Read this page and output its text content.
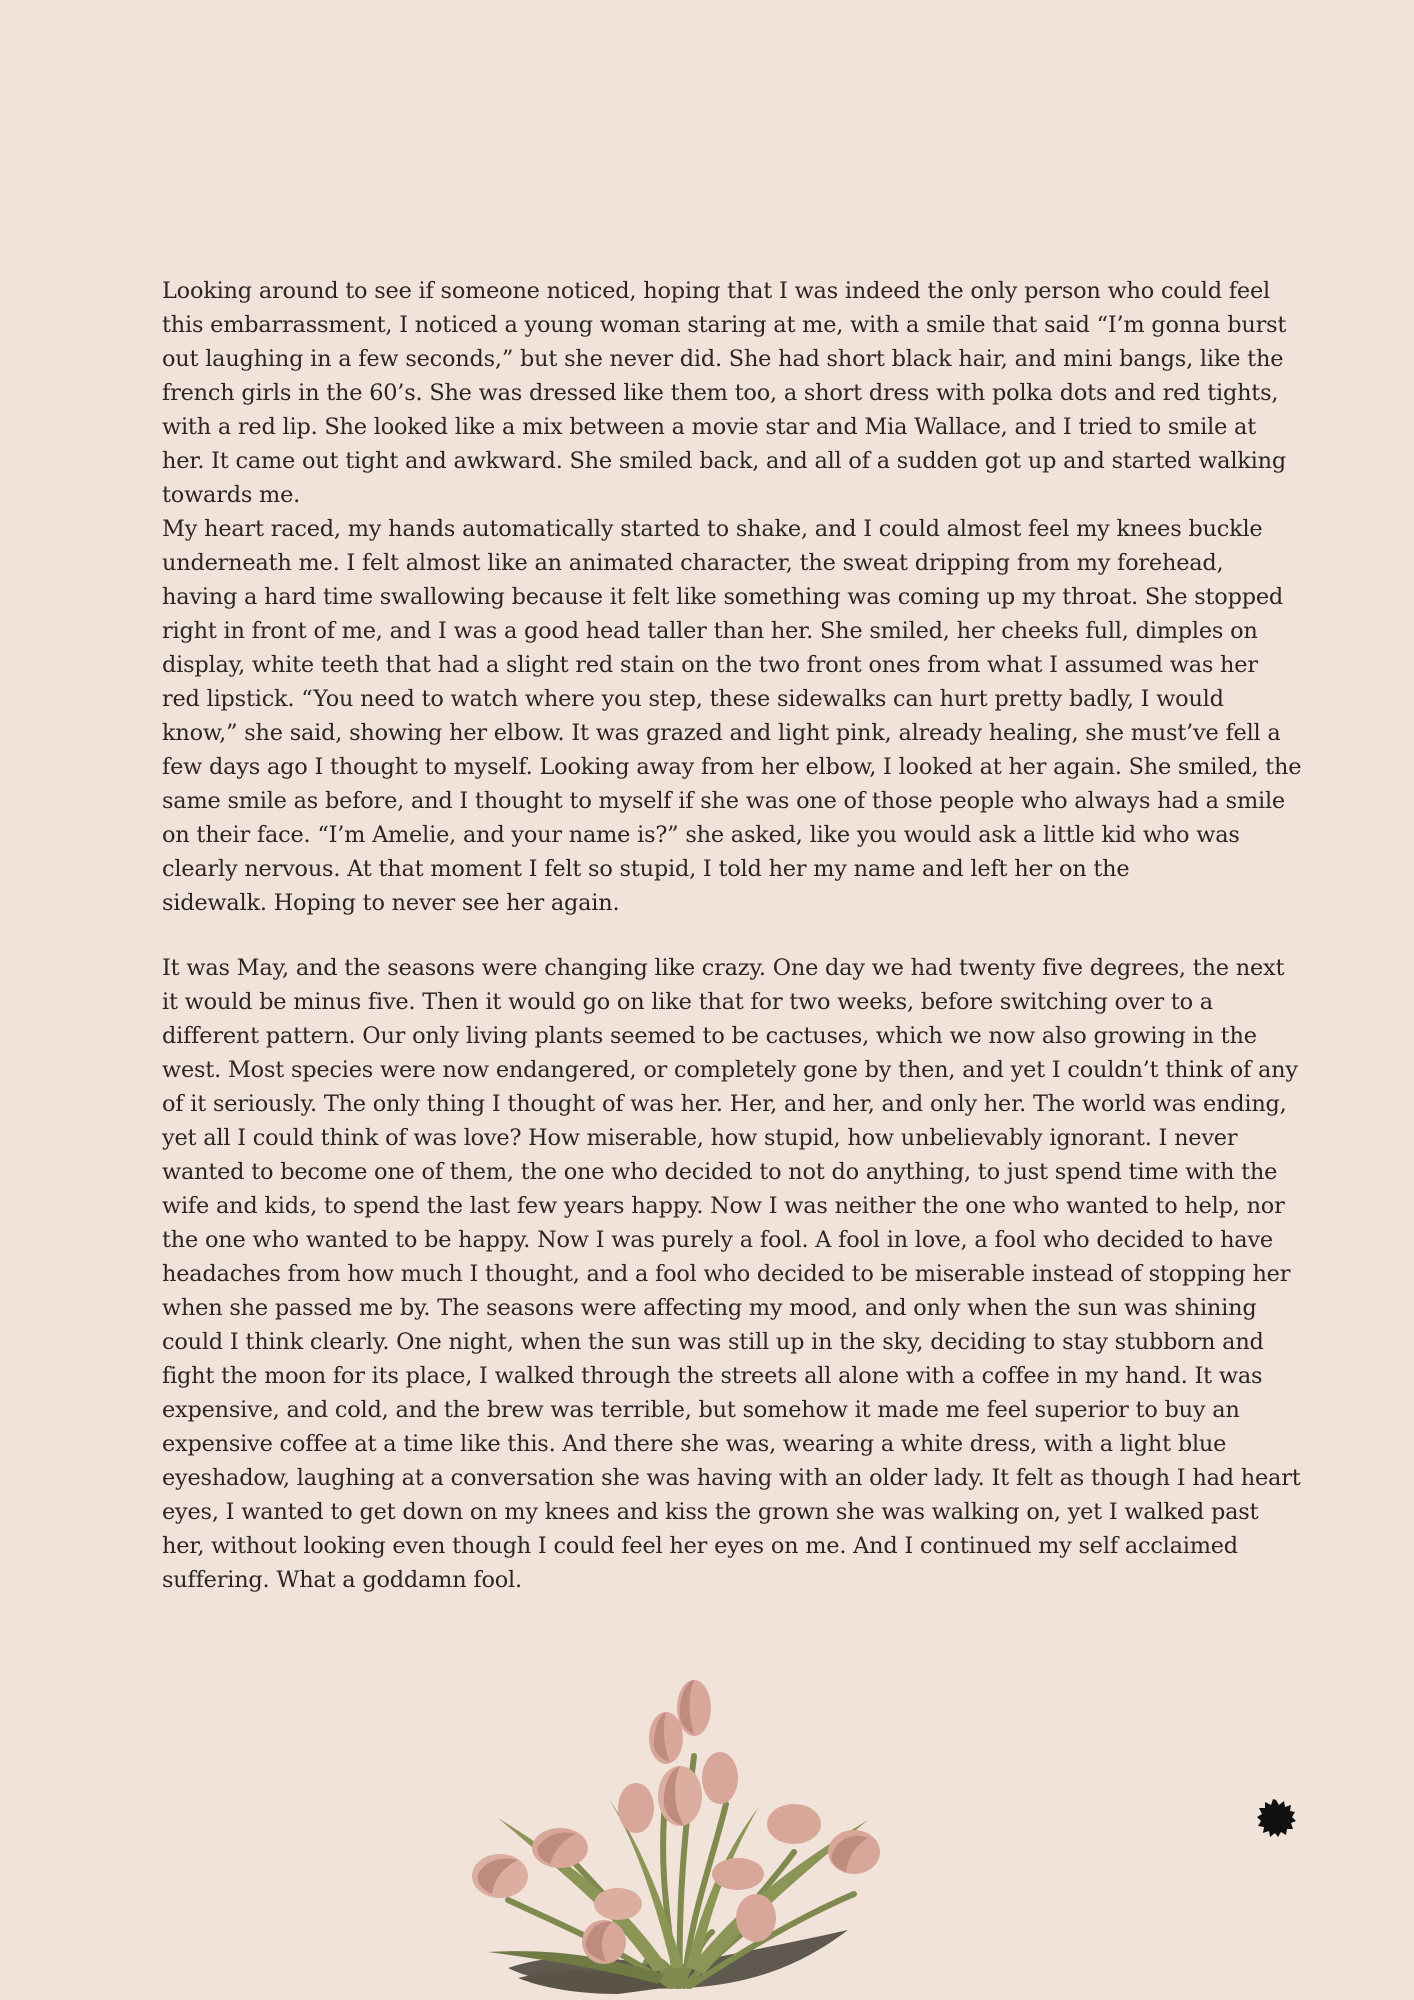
Looking around to see if someone noticed, hoping that I was indeed the only person who could feel this embarrassment, I noticed a young woman staring at me, with a smile that said “I’m gonna burst out laughing in a few seconds,” but she never did. She had short black hair, and mini bangs, like the french girls in the 60’s. She was dressed like them too, a short dress with polka dots and red tights, with a red lip. She looked like a mix between a movie star and Mia Wallace, and I tried to smile at her. It came out tight and awkward. She smiled back, and all of a sudden got up and started walking towards me.

My heart raced, my hands automatically started to shake, and I could almost feel my knees buckle underneath me. I felt almost like an animated character, the sweat dripping from my forehead, having a hard time swallowing because it felt like something was coming up my throat. She stopped right in front of me, and I was a good head taller than her. She smiled, her cheeks full, dimples on display, white teeth that had a slight red stain on the two front ones from what I assumed was her red lipstick. “You need to watch where you step, these sidewalks can hurt pretty badly, I would know,” she said, showing her elbow. It was grazed and light pink, already healing, she must’ve fell a few days ago I thought to myself. Looking away from her elbow, I looked at her again. She smiled, the same smile as before, and I thought to myself if she was one of those people who always had a smile on their face. “I’m Amelie, and your name is?” she asked, like you would ask a little kid who was clearly nervous. At that moment I felt so stupid, I told her my name and left her on the

sidewalk. Hoping to never see her again.

It was May, and the seasons were changing like crazy. One day we had twenty five degrees, the next it would be minus five. Then it would go on like that for two weeks, before switching over to a different pattern. Our only living plants seemed to be cactuses, which we now also growing in the west. Most species were now endangered, or completely gone by then, and yet I couldn’t think of any of it seriously. The only thing I thought of was her. Her, and her, and only her. The world was ending, yet all I could think of was love? How miserable, how stupid, how unbelievably ignorant. I never wanted to become one of them, the one who decided to not do anything, to just spend time with the wife and kids, to spend the last few years happy. Now I was neither the one who wanted to help, nor the one who wanted to be happy. Now I was purely a fool. A fool in love, a fool who decided to have headaches from how much I thought, and a fool who decided to be miserable instead of stopping her when she passed me by. The seasons were affecting my mood, and only when the sun was shining could I think clearly. One night, when the sun was still up in the sky, deciding to stay stubborn and fight the moon for its place, I walked through the streets all alone with a coffee in my hand. It was expensive, and cold, and the brew was terrible, but somehow it made me feel superior to buy an expensive coffee at a time like this. And there she was, wearing a white dress, with a light blue eyeshadow, laughing at a conversation she was having with an older lady. It felt as though I had heart eyes, I wanted to get down on my knees and kiss the grown she was walking on, yet I walked past her, without looking even though I could feel her eyes on me. And I continued my self acclaimed suffering. What a goddamn fool.
